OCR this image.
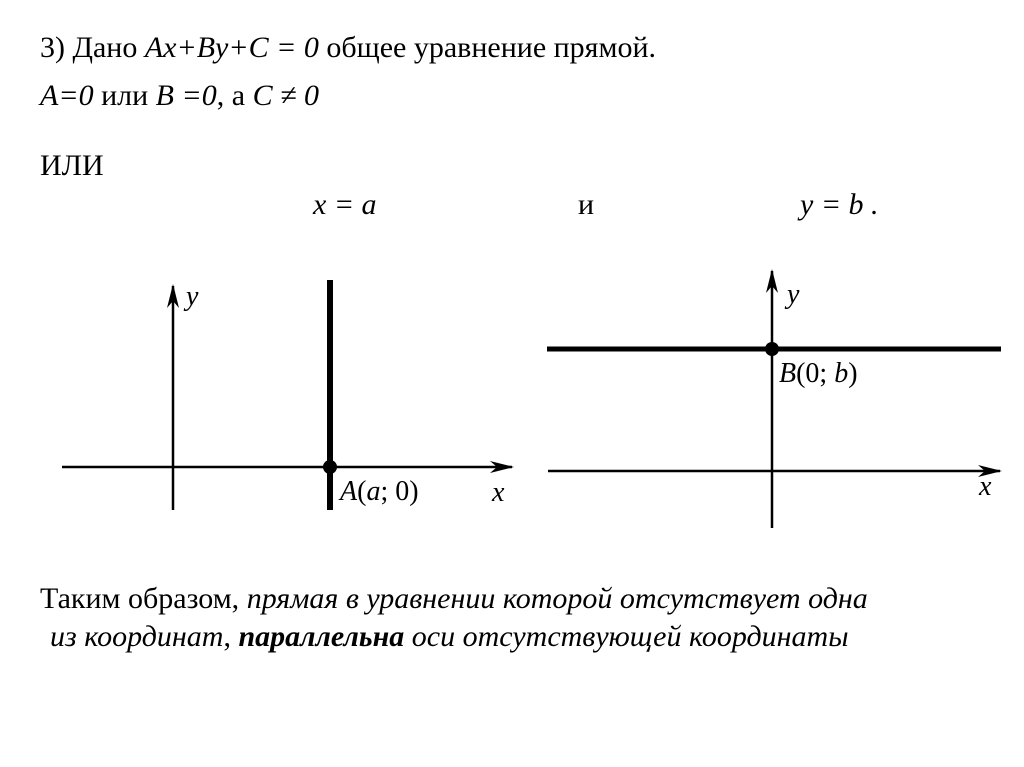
3) Дано Ax+By+C = 0 общее уравнение прямой.
A=0 или B =0, а C ≠ 0
ИЛИ
x = a	и	y = b .
y
x
A(a; 0)
y
x
B(0; b)
Таким образом, прямая в уравнении которой отсутствует одна
из координат, параллельна оси отсутствующей координаты
